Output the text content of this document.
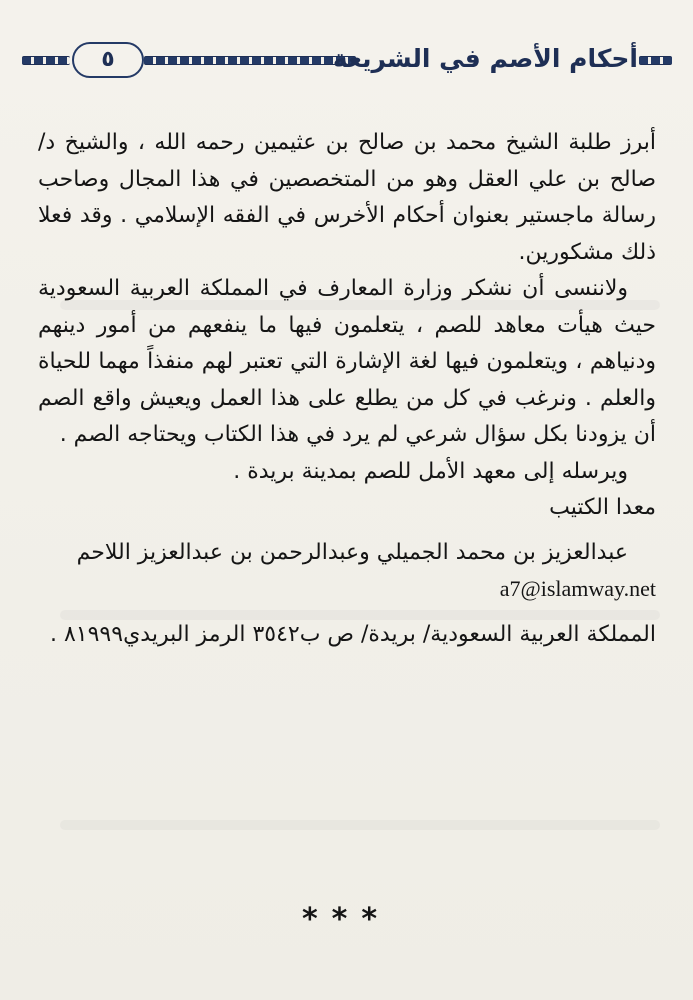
٥	أحكام الأصم في الشريعة

أبرز طلبة الشيخ محمد بن صالح بن عثيمين رحمه الله ، والشيخ د/ صالح بن علي العقل وهو من المتخصصين في هذا المجال وصاحب رسالة ماجستير بعنوان أحكام الأخرس في الفقه الإسلامي . وقد فعلا ذلك مشكورين.

ولاننسى أن نشكر وزارة المعارف في المملكة العربية السعودية حيث هيأت معاهد للصم ، يتعلمون فيها ما ينفعهم من أمور دينهم ودنياهم ، ويتعلمون فيها لغة الإشارة التي تعتبر لهم منفذاً مهما للحياة والعلم . ونرغب في كل من يطلع على هذا العمل ويعيش واقع الصم أن يزودنا بكل سؤال شرعي لم يرد في هذا الكتاب ويحتاجه الصم .

ويرسله إلى معهد الأمل للصم بمدينة بريدة .

معدا الكتيب

عبدالعزيز بن محمد الجميلي وعبدالرحمن بن عبدالعزيز اللاحم

a7@islamway.net

المملكة العربية السعودية/ بريدة/ ص ب٣٥٤٢ الرمز البريدي٨١٩٩٩ .

***
